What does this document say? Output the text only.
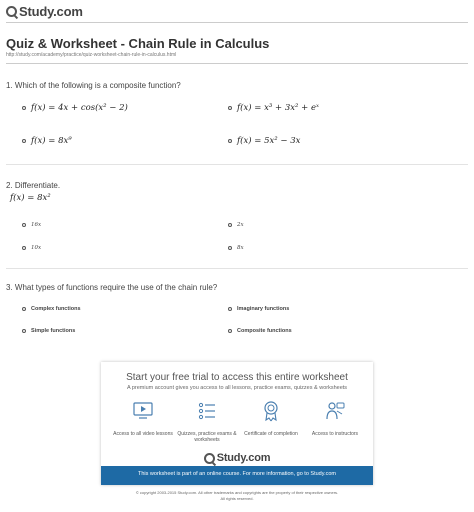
Study.com
Quiz & Worksheet - Chain Rule in Calculus
http://study.com/academy/practice/quiz-worksheet-chain-rule-in-calculus.html
1. Which of the following is a composite function?
f(x) = 4x + cos(x² − 2)	f(x) = x³ + 3x² + eˣ
f(x) = 8x⁹	f(x) = 5x² − 3x
2. Differentiate.
f(x) = 8x²
16x	2x
10x	8x
3. What types of functions require the use of the chain rule?
Complex functions	Imaginary functions
Simple functions	Composite functions
Start your free trial to access this entire worksheet
A premium account gives you access to all lessons, practice exams, quizzes & worksheets
Access to all video lessons Quizzes, practice exams & worksheets
Certificate of completion	Access to instructors
Study.com
This worksheet is part of an online course. For more information, go to Study.com
© copyright 2003-2015 Study.com. All other trademarks and copyrights are the property of their respective owners.
All rights reserved.
